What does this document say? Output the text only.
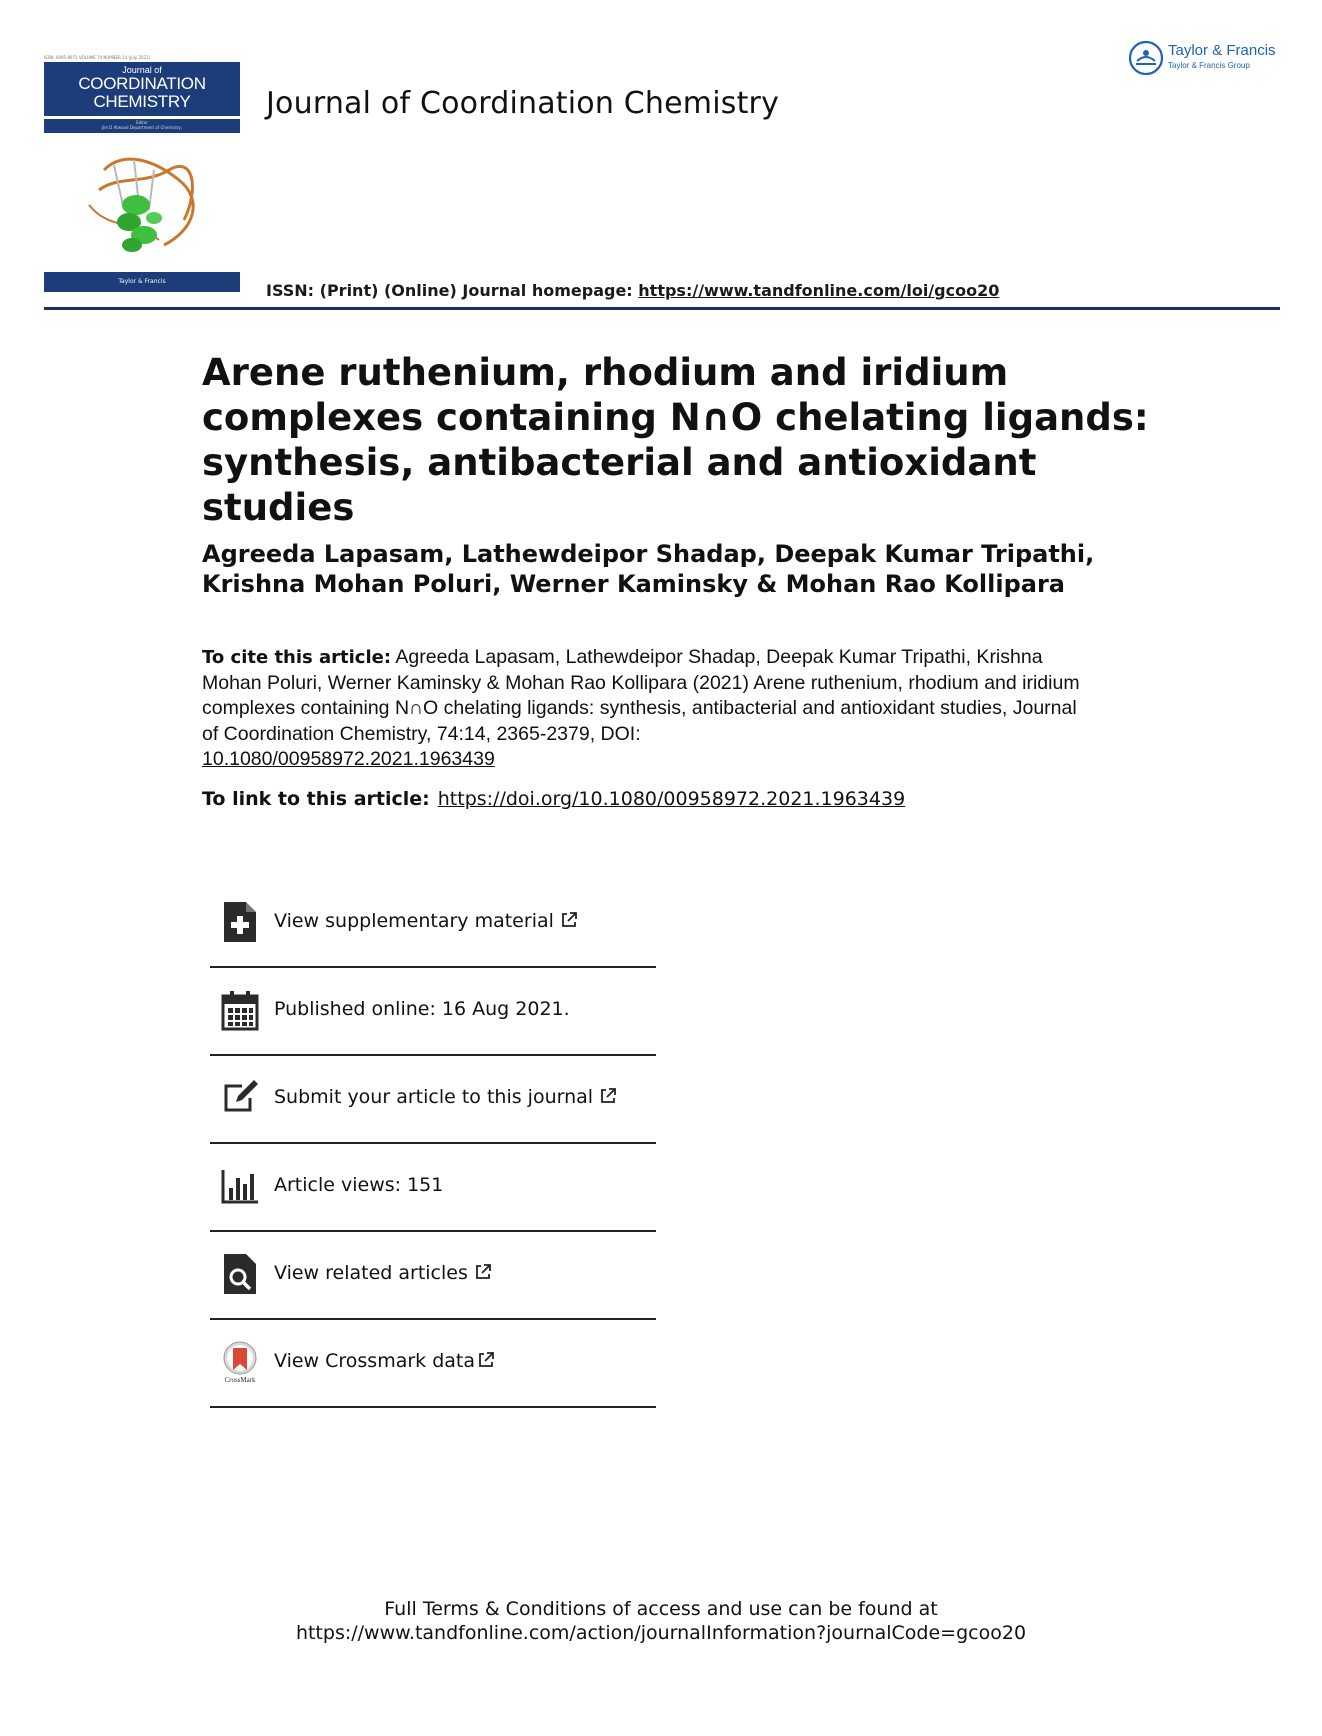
ISSN: 0095-8972 VOLUME 74 NUMBER 14 (July 2021)
Journal of
COORDINATION
CHEMISTRY
Editor
Jim D Atwood Department of Chemistry,
Taylor & Francis
Journal of Coordination Chemistry
Taylor & Francis
Taylor & Francis Group
ISSN: (Print) (Online) Journal homepage: https://www.tandfonline.com/loi/gcoo20
Arene ruthenium, rhodium and iridium complexes containing N∩O chelating ligands: synthesis, antibacterial and antioxidant studies

Agreeda Lapasam, Lathewdeipor Shadap, Deepak Kumar Tripathi, Krishna Mohan Poluri, Werner Kaminsky & Mohan Rao Kollipara

To cite this article: Agreeda Lapasam, Lathewdeipor Shadap, Deepak Kumar Tripathi, Krishna Mohan Poluri, Werner Kaminsky & Mohan Rao Kollipara (2021) Arene ruthenium, rhodium and iridium complexes containing N∩O chelating ligands: synthesis, antibacterial and antioxidant studies, Journal of Coordination Chemistry, 74:14, 2365-2379, DOI:
10.1080/00958972.2021.1963439
To link to this article: https://doi.org/10.1080/00958972.2021.1963439
View supplementary material
Published online: 16 Aug 2021.
Submit your article to this journal
Article views: 151
View related articles
CrossMark
View Crossmark data
Full Terms & Conditions of access and use can be found at
https://www.tandfonline.com/action/journalInformation?journalCode=gcoo20
